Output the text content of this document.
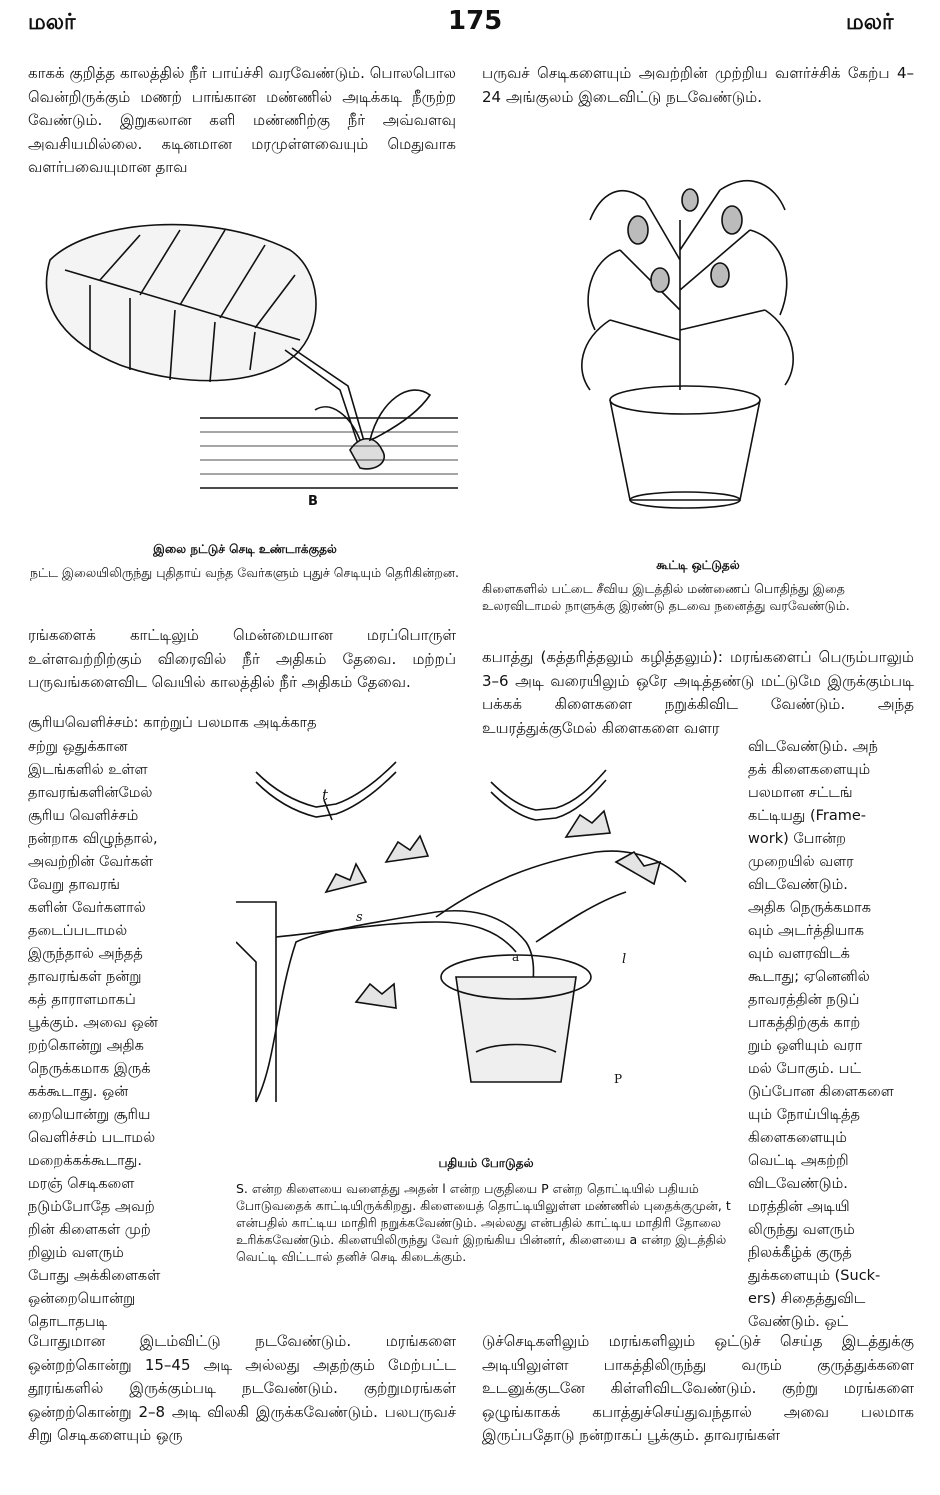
மலர்	175	மலர்
காகக் குறித்த காலத்தில் நீர் பாய்ச்சி வரவேண்டும். பொலபொல வென்றிருக்கும் மணற் பாங்கான மண்ணில் அடிக்கடி நீருற்ற வேண்டும். இறுகலான களி மண்ணிற்கு நீர் அவ்வளவு அவசியமில்லை. கடினமான மரமுள்ளவையும் மெதுவாக வளர்பவையுமான தாவ
பருவச் செடிகளையும் அவற்றின் முற்றிய வளர்ச்சிக் கேற்ப 4–24 அங்குலம் இடைவிட்டு நடவேண்டும்.
B
இலை நட்டுச் செடி உண்டாக்குதல்
நட்ட இலையிலிருந்து புதிதாய் வந்த வேர்களும் புதுச் செடியும் தெரிகின்றன.	கூட்டி ஒட்டுதல்
கிளைகளில் பட்டை சீவிய இடத்தில் மண்ணைப் பொதிந்து இதை உலரவிடாமல் நாளுக்கு இரண்டு தடவை நனைத்து வரவேண்டும்.
ரங்களைக் காட்டிலும் மென்மையான மரப்பொருள் உள்ளவற்றிற்கும் விரைவில் நீர் அதிகம் தேவை. மற்றப் பருவங்களைவிட வெயில் காலத்தில் நீர் அதிகம் தேவை.
கபாத்து (கத்தரித்தலும் கழித்தலும்): மரங்களைப் பெரும்பாலும் 3–6 அடி வரையிலும் ஒரே அடித்தண்டு மட்டுமே இருக்கும்படி பக்கக் கிளைகளை நறுக்கிவிட வேண்டும். அந்த உயரத்துக்குமேல் கிளைகளை வளர
சூரியவெளிச்சம்: காற்றுப் பலமாக அடிக்காத
சற்று ஒதுக்கான
இடங்களில் உள்ள
தாவரங்களின்மேல்
சூரிய வெளிச்சம்
நன்றாக விழுந்தால்,
அவற்றின் வேர்கள்
வேறு தாவரங்
களின் வேர்களால்
தடைப்படாமல்
இருந்தால் அந்தத்
தாவரங்கள் நன்று
கத் தாராளமாகப்
பூக்கும். அவை ஒன்
றற்கொன்று அதிக
நெருக்கமாக இருக்
கக்கூடாது. ஒன்
றையொன்று சூரிய
வெளிச்சம் படாமல்
மறைக்கக்கூடாது.
மரஞ் செடிகளை
நடும்போதே அவற்
றின் கிளைகள் முற்
றிலும் வளரும்
போது அக்கிளைகள்
ஒன்றையொன்று
தொடாதபடி
விடவேண்டும். அந்
தக் கிளைகளையும்
பலமான சட்டங்
கட்டியது (Frame-
work) போன்ற
முறையில் வளர
விடவேண்டும்.
அதிக நெருக்கமாக
வும் அடர்த்தியாக
வும் வளரவிடக்
கூடாது; ஏனெனில்
தாவரத்தின் நடுப்
பாகத்திற்குக் காற்
றும் ஒளியும் வரா
மல் போகும். பட்
டுப்போன கிளைகளை
யும் நோய்பிடித்த
கிளைகளையும்
வெட்டி அகற்றி
விடவேண்டும்.
மரத்தின் அடியி
லிருந்து வளரும்
நிலக்கீழ்க் குருத்
துக்களையும் (Suck-
ers) சிதைத்துவிட
வேண்டும். ஒட்
t
s
a	l
P
பதியம் போடுதல்
S. என்ற கிளையை வளைத்து அதன் l என்ற பகுதியை P என்ற தொட்டியில் பதியம் போடுவதைக் காட்டியிருக்கிறது. கிளையைத் தொட்டியிலுள்ள மண்ணில் புதைக்குமுன், t என்பதில் காட்டிய மாதிரி நறுக்கவேண்டும். அல்லது என்பதில் காட்டிய மாதிரி தோலை உரிக்கவேண்டும். கிளையிலிருந்து வேர் இறங்கிய பின்னர், கிளையை a என்ற இடத்தில் வெட்டி விட்டால் தனிச் செடி கிடைக்கும்.
போதுமான இடம்விட்டு நடவேண்டும். மரங்களை ஒன்றற்கொன்று 15–45 அடி அல்லது அதற்கும் மேற்பட்ட தூரங்களில் இருக்கும்படி நடவேண்டும். குற்றுமரங்கள் ஒன்றற்கொன்று 2–8 அடி விலகி இருக்கவேண்டும். பலபருவச் சிறு செடிகளையும் ஒரு
டுச்செடிகளிலும் மரங்களிலும் ஒட்டுச் செய்த இடத்துக்கு அடியிலுள்ள பாகத்திலிருந்து வரும் குருத்துக்களை உடனுக்குடனே கிள்ளிவிடவேண்டும். குற்று மரங்களை ஒழுங்காகக் கபாத்துச்செய்துவந்தால் அவை பலமாக இருப்பதோடு நன்றாகப் பூக்கும். தாவரங்கள்
